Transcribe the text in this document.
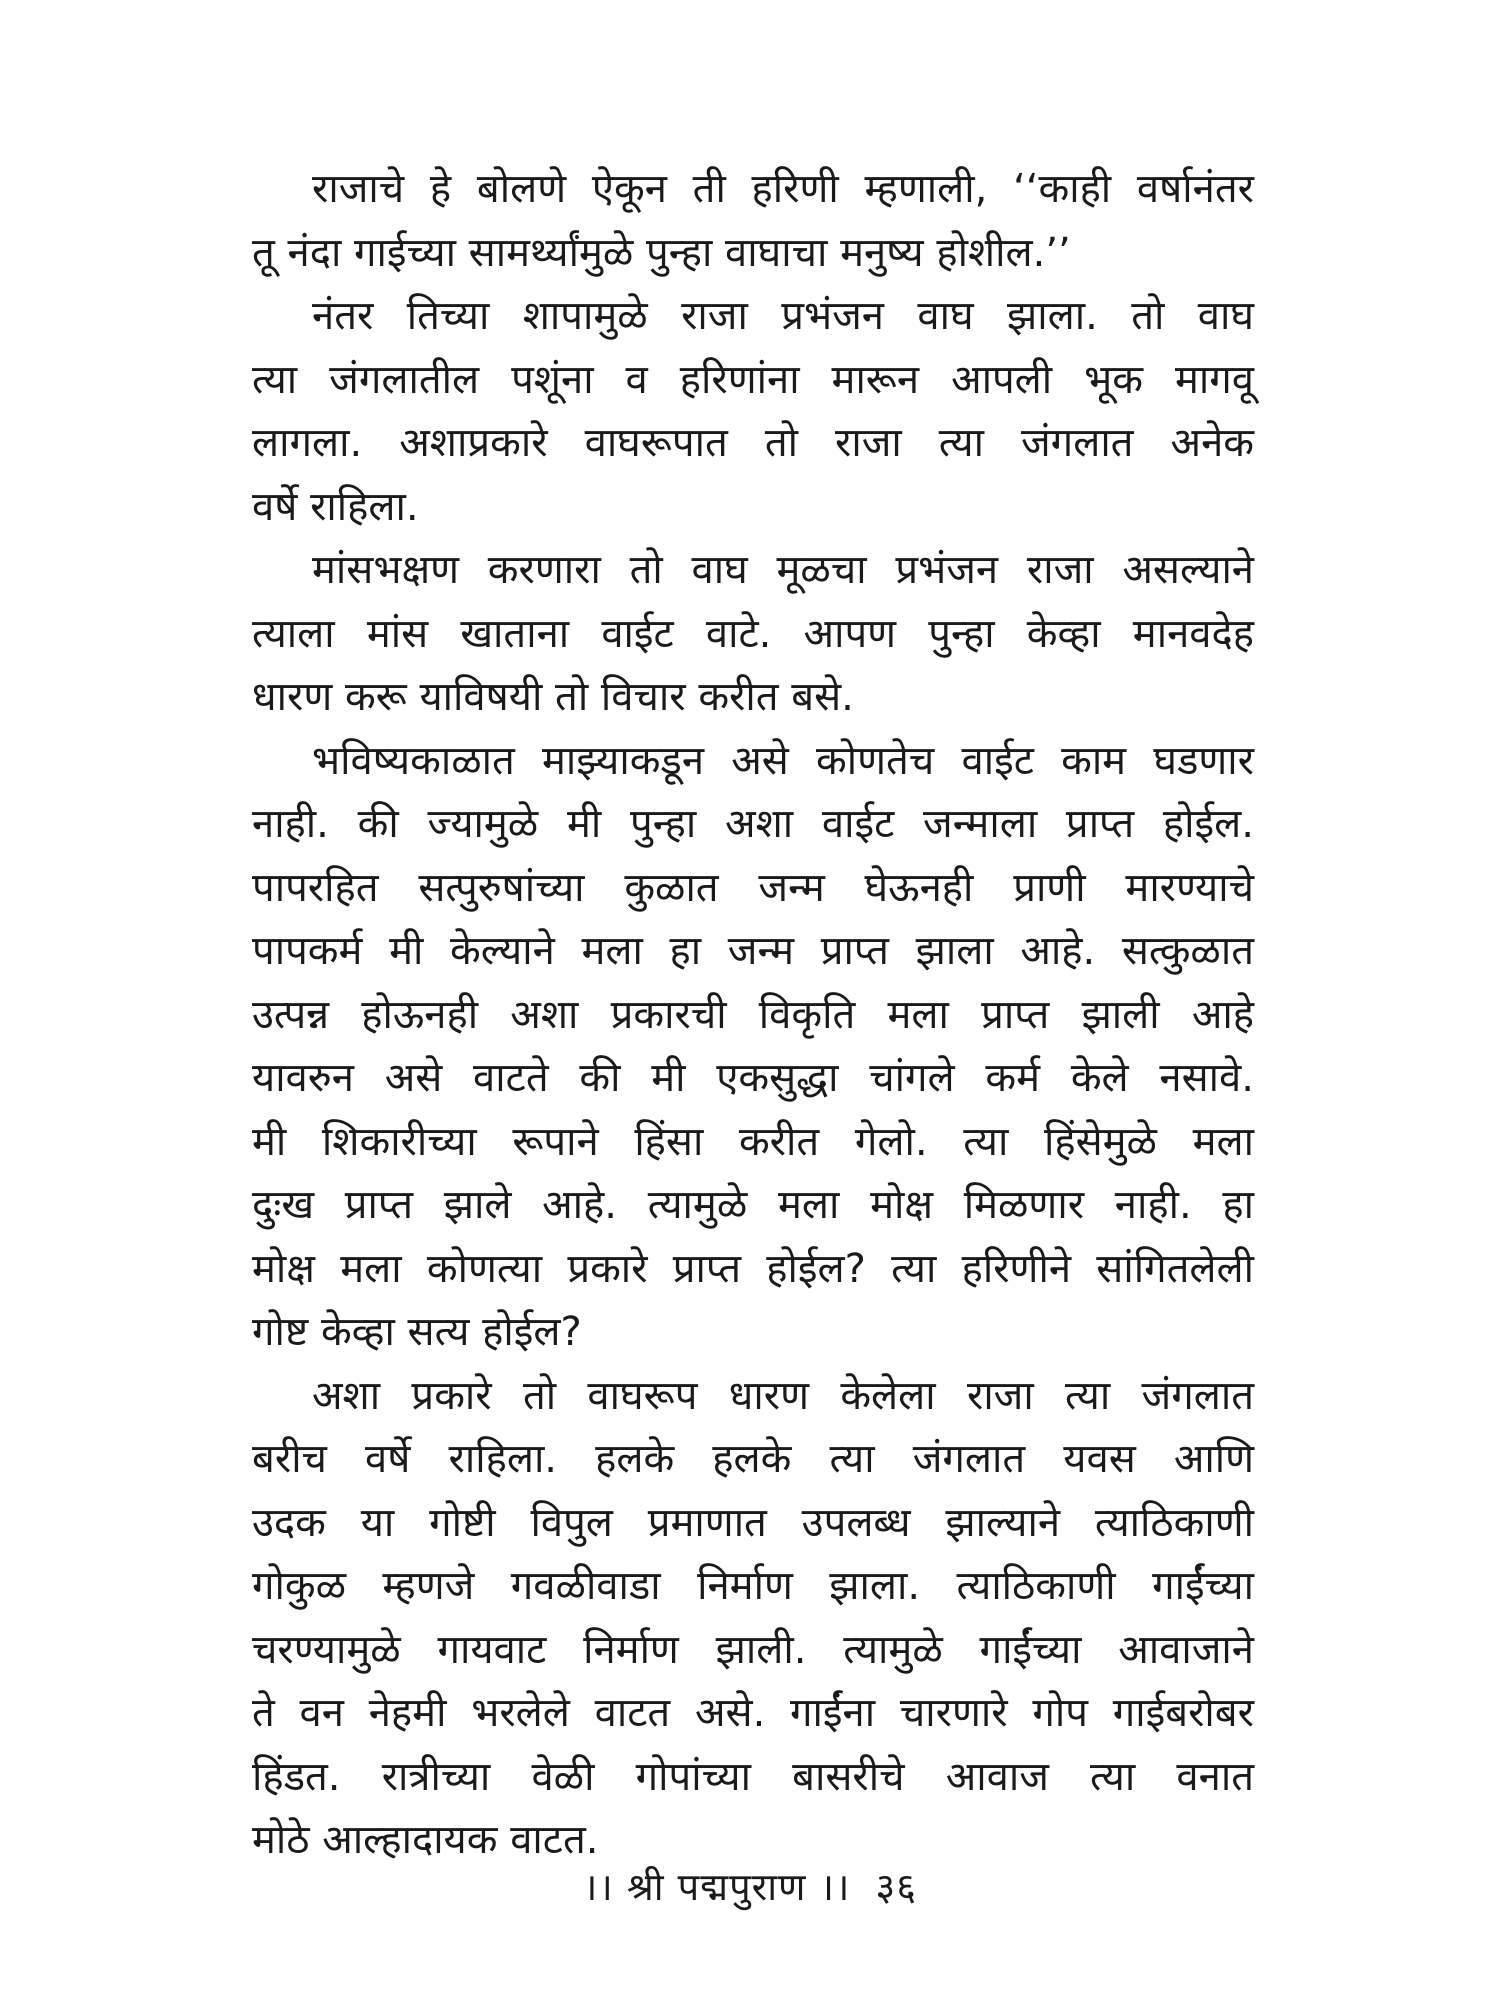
राजाचे हे बोलणे ऐकून ती हरिणी म्हणाली, ‘‘काही वर्षानंतर
तू नंदा गाईच्या सामर्थ्यांमुळे पुन्हा वाघाचा मनुष्य होशील.’’
नंतर तिच्या शापामुळे राजा प्रभंजन वाघ झाला. तो वाघ
त्या जंगलातील पशूंना व हरिणांना मारून आपली भूक मागवू
लागला. अशाप्रकारे वाघरूपात तो राजा त्या जंगलात अनेक
वर्षे राहिला.
मांसभक्षण करणारा तो वाघ मूळचा प्रभंजन राजा असल्याने
त्याला मांस खाताना वाईट वाटे. आपण पुन्हा केव्हा मानवदेह
धारण करू याविषयी तो विचार करीत बसे.
भविष्यकाळात माझ्याकडून असे कोणतेच वाईट काम घडणार
नाही. की ज्यामुळे मी पुन्हा अशा वाईट जन्माला प्राप्त होईल.
पापरहित सत्पुरुषांच्या कुळात जन्म घेऊनही प्राणी मारण्याचे
पापकर्म मी केल्याने मला हा जन्म प्राप्त झाला आहे. सत्कुळात
उत्पन्न होऊनही अशा प्रकारची विकृति मला प्राप्त झाली आहे
यावरुन असे वाटते की मी एकसुद्धा चांगले कर्म केले नसावे.
मी शिकारीच्या रूपाने हिंसा करीत गेलो. त्या हिंसेमुळे मला
दुःख प्राप्त झाले आहे. त्यामुळे मला मोक्ष मिळणार नाही. हा
मोक्ष मला कोणत्या प्रकारे प्राप्त होईल? त्या हरिणीने सांगितलेली
गोष्ट केव्हा सत्य होईल?
अशा प्रकारे तो वाघरूप धारण केलेला राजा त्या जंगलात
बरीच वर्षे राहिला. हलके हलके त्या जंगलात यवस आणि
उदक या गोष्टी विपुल प्रमाणात उपलब्ध झाल्याने त्याठिकाणी
गोकुळ म्हणजे गवळीवाडा निर्माण झाला. त्याठिकाणी गाईंच्या
चरण्यामुळे गायवाट निर्माण झाली. त्यामुळे गाईंच्या आवाजाने
ते वन नेहमी भरलेले वाटत असे. गाईंना चारणारे गोप गाईबरोबर
हिंडत. रात्रीच्या वेळी गोपांच्या बासरीचे आवाज त्या वनात
मोठे आल्हादायक वाटत.
।। श्री पद्मपुराण ।। ३६
